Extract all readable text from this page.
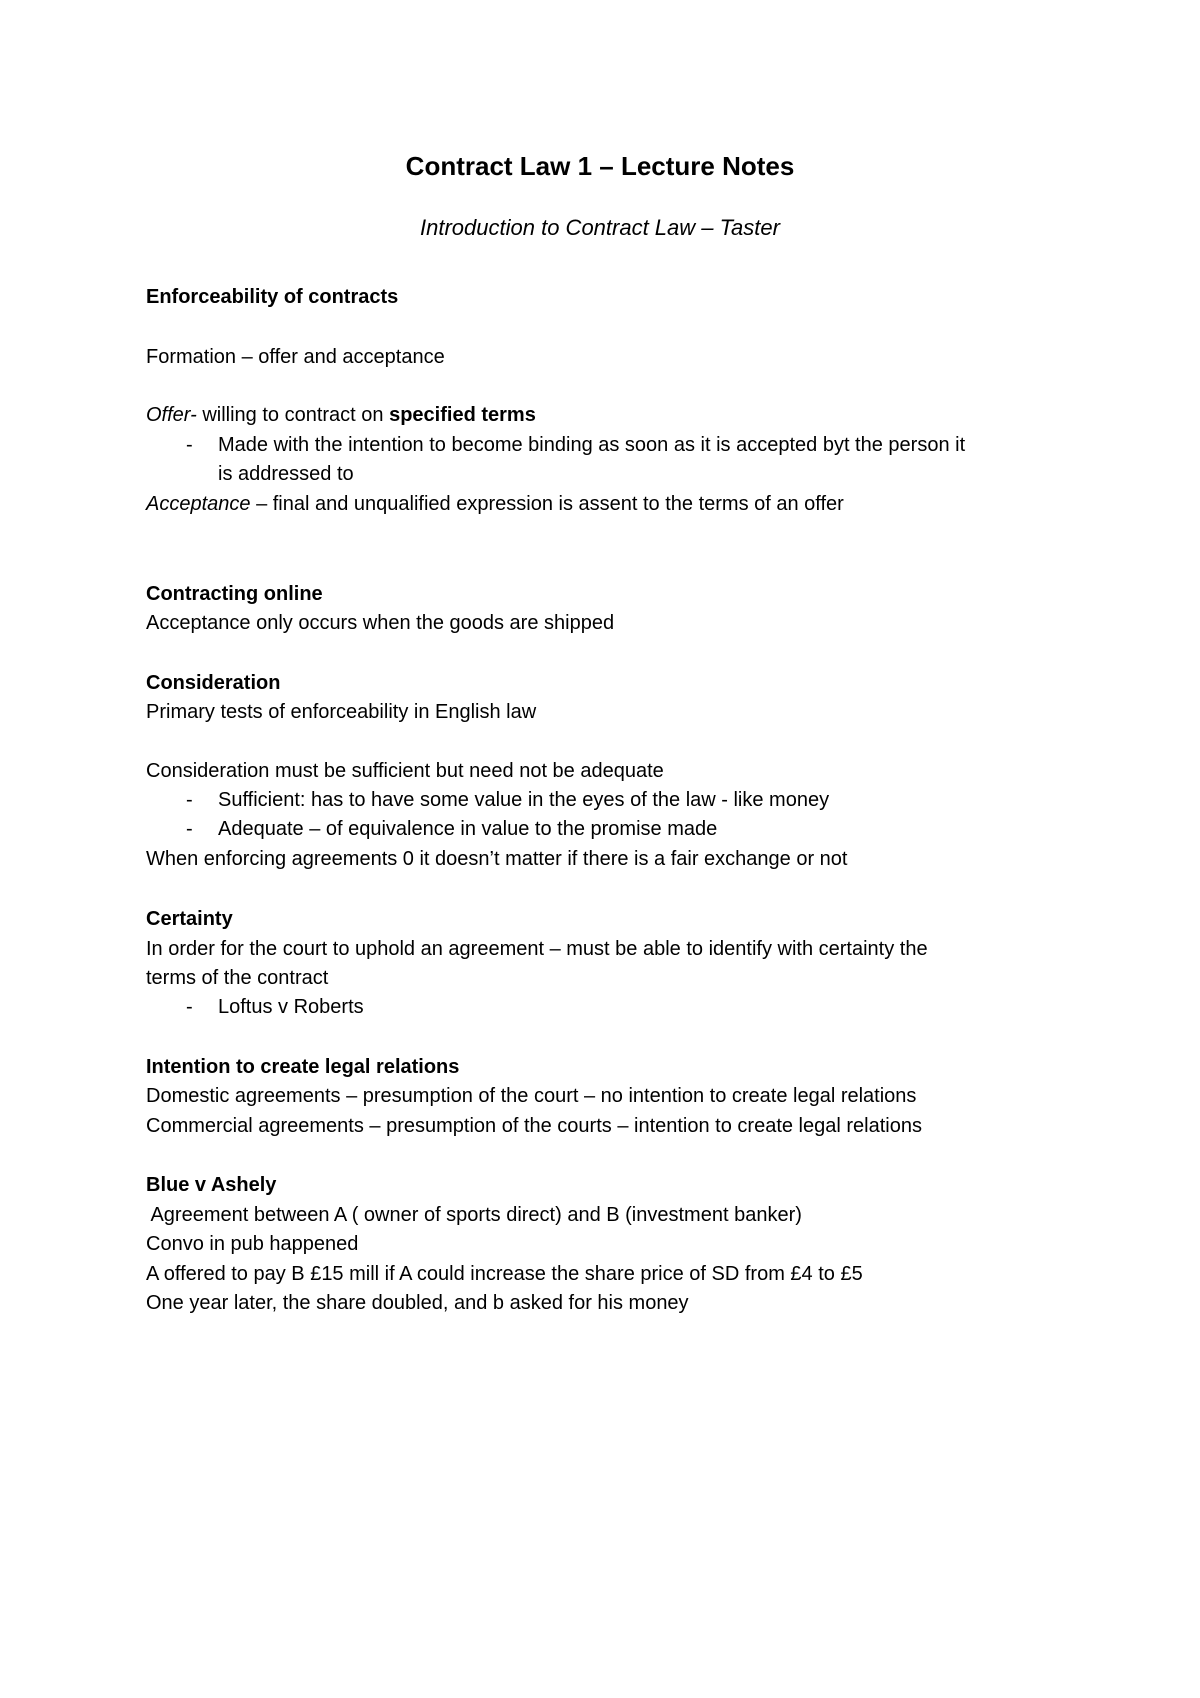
Contract Law 1 – Lecture Notes
Introduction to Contract Law – Taster
Enforceability of contracts
Formation – offer and acceptance
Offer- willing to contract on specified terms
- Made with the intention to become binding as soon as it is accepted byt the person it
is addressed to
Acceptance – final and unqualified expression is assent to the terms of an offer
Contracting online
Acceptance only occurs when the goods are shipped
Consideration
Primary tests of enforceability in English law
Consideration must be sufficient but need not be adequate
- Sufficient: has to have some value in the eyes of the law - like money
- Adequate – of equivalence in value to the promise made
When enforcing agreements 0 it doesn’t matter if there is a fair exchange or not
Certainty
In order for the court to uphold an agreement – must be able to identify with certainty the
terms of the contract
- Loftus v Roberts
Intention to create legal relations
Domestic agreements – presumption of the court – no intention to create legal relations
Commercial agreements – presumption of the courts – intention to create legal relations
Blue v Ashely
Agreement between A ( owner of sports direct) and B (investment banker)
Convo in pub happened
A offered to pay B £15 mill if A could increase the share price of SD from £4 to £5
One year later, the share doubled, and b asked for his money
